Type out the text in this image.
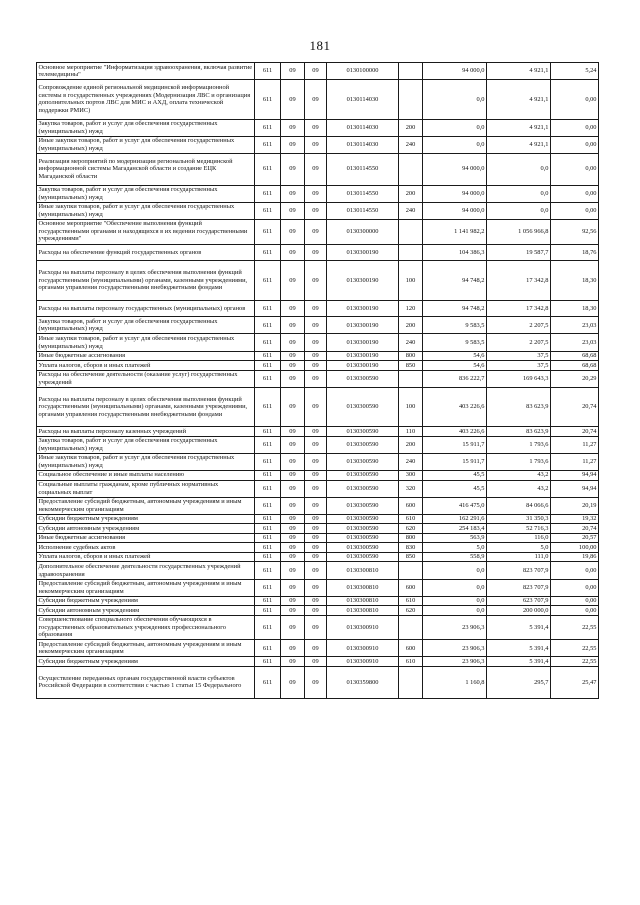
181
Основное мероприятие "Информатизация здравоохранения, включая развитие телемедицины"	611	09	09	0130100000		94 000,0	4 921,1	5,24
Сопровождение единой региональной медицинской информационной системы в государственных учреждениях (Модернизация ЛВС и организация дополнительных портов ЛВС для МИС и АХД, оплата технической поддержки РМИС)	611	09	09	0130114030		0,0	4 921,1	0,00
Закупка товаров, работ и услуг для обеспечения государственных (муниципальных) нужд	611	09	09	0130114030	200	0,0	4 921,1	0,00
Иные закупки товаров, работ и услуг для обеспечения государственных (муниципальных) нужд	611	09	09	0130114030	240	0,0	4 921,1	0,00
Реализация мероприятий по модернизации региональной медицинской информационной системы Магаданской области и создание ЕЦК Магаданской области	611	09	09	0130114550		94 000,0	0,0	0,00
Закупка товаров, работ и услуг для обеспечения государственных (муниципальных) нужд	611	09	09	0130114550	200	94 000,0	0,0	0,00
Иные закупки товаров, работ и услуг для обеспечения государственных (муниципальных) нужд	611	09	09	0130114550	240	94 000,0	0,0	0,00
Основное мероприятие "Обеспечение выполнения функций государственными органами и находящихся в их ведении государственными учреждениями"	611	09	09	0130300000		1 141 982,2	1 056 966,8	92,56
Расходы на обеспечение функций государственных органов	611	09	09	0130300190		104 386,3	19 587,7	18,76
Расходы на выплаты персоналу в целях обеспечения выполнения функций государственными (муниципальными) органами, казенными учреждениями, органами управления государственными внебюджетными фондами	611	09	09	0130300190	100	94 748,2	17 342,8	18,30
Расходы на выплаты персоналу государственных (муниципальных) органов	611	09	09	0130300190	120	94 748,2	17 342,8	18,30
Закупка товаров, работ и услуг для обеспечения государственных (муниципальных) нужд	611	09	09	0130300190	200	9 583,5	2 207,5	23,03
Иные закупки товаров, работ и услуг для обеспечения государственных (муниципальных) нужд	611	09	09	0130300190	240	9 583,5	2 207,5	23,03
Иные бюджетные ассигнования	611	09	09	0130300190	800	54,6	37,5	68,68
Уплата налогов, сборов и иных платежей	611	09	09	0130300190	850	54,6	37,5	68,68
Расходы на обеспечение деятельности (оказание услуг) государственных учреждений	611	09	09	0130300590		836 222,7	169 643,3	20,29
Расходы на выплаты персоналу в целях обеспечения выполнения функций государственными (муниципальными) органами, казенными учреждениями, органами управления государственными внебюджетными фондами	611	09	09	0130300590	100	403 226,6	83 623,9	20,74
Расходы на выплаты персоналу казенных учреждений	611	09	09	0130300590	110	403 226,6	83 623,9	20,74
Закупка товаров, работ и услуг для обеспечения государственных (муниципальных) нужд	611	09	09	0130300590	200	15 911,7	1 793,6	11,27
Иные закупки товаров, работ и услуг для обеспечения государственных (муниципальных) нужд	611	09	09	0130300590	240	15 911,7	1 793,6	11,27
Социальное обеспечение и иные выплаты населению	611	09	09	0130300590	300	45,5	43,2	94,94
Социальные выплаты гражданам, кроме публичных нормативных социальных выплат	611	09	09	0130300590	320	45,5	43,2	94,94
Предоставление субсидий бюджетным, автономным учреждениям и иным некоммерческим организациям	611	09	09	0130300590	600	416 475,0	84 066,6	20,19
Субсидии бюджетным учреждениям	611	09	09	0130300590	610	162 291,6	31 350,3	19,32
Субсидии автономным учреждениям	611	09	09	0130300590	620	254 183,4	52 716,3	20,74
Иные бюджетные ассигнования	611	09	09	0130300590	800	563,9	116,0	20,57
Исполнение судебных актов	611	09	09	0130300590	830	5,0	5,0	100,00
Уплата налогов, сборов и иных платежей	611	09	09	0130300590	850	558,9	111,0	19,86
Дополнительное обеспечение деятельности государственных учреждений здравоохранения	611	09	09	0130300810		0,0	823 707,9	0,00
Предоставление субсидий бюджетным, автономным учреждениям и иным некоммерческим организациям	611	09	09	0130300810	600	0,0	823 707,9	0,00
Субсидии бюджетным учреждениям	611	09	09	0130300810	610	0,0	623 707,9	0,00
Субсидии автономным учреждениям	611	09	09	0130300810	620	0,0	200 000,0	0,00
Совершенствование специального обеспечения обучающихся в государственных образовательных учреждениях профессионального образования	611	09	09	0130300910		23 906,3	5 391,4	22,55
Предоставление субсидий бюджетным, автономным учреждениям и иным некоммерческим организациям	611	09	09	0130300910	600	23 906,3	5 391,4	22,55
Субсидии бюджетным учреждениям	611	09	09	0130300910	610	23 906,3	5 391,4	22,55
Осуществление переданных органам государственной власти субъектов Российской Федерации в соответствии с частью 1 статьи 15 Федерального	611	09	09	0130359800		1 160,8	295,7	25,47
